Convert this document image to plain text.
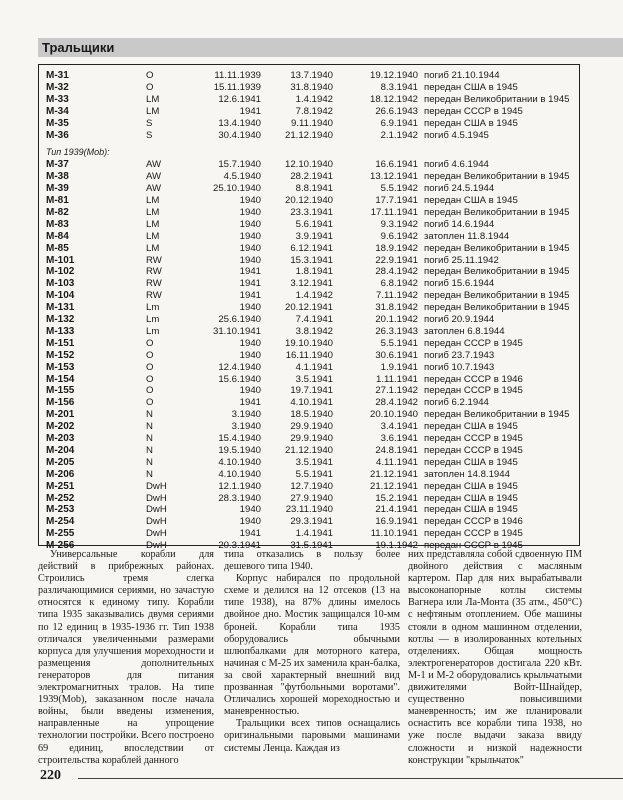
Тральщики
М-31	O	11.11.1939	13.7.1940	19.12.1940 погиб 21.10.1944
М-32	O	15.11.1939	31.8.1940	8.3.1941 передан США в 1945
М-33	LM	12.6.1941	1.4.1942	18.12.1942 передан Великобритании в 1945
М-34	LM	1941	7.8.1942	26.6.1943 передан СССР в 1945
М-35	S	13.4.1940	9.11.1940	6.9.1941 передан США в 1945
М-36	S	30.4.1940 21.12.1940	2.1.1942 погиб 4.5.1945
Тип 1939(Mob):
М-37	AW	15.7.1940 12.10.1940	16.6.1941 погиб 4.6.1944
М-38	AW	4.5.1940	28.2.1941	13.12.1941 передан Великобритании в 1945
М-39	AW	25.10.1940	8.8.1941	5.5.1942 погиб 24.5.1944
М-81	LM	1940 20.12.1940	17.7.1941 передан США в 1945
М-82	LM	1940	23.3.1941	17.11.1941 передан Великобритании в 1945
М-83	LM	1940	5.6.1941	9.3.1942 погиб 14.6.1944
М-84	LM	1940	3.9.1941	9.6.1942 затоплен 11.8.1944
М-85	LM	1940	6.12.1941	18.9.1942 передан Великобритании в 1945
М-101	RW	1940	15.3.1941	22.9.1941 погиб 25.11.1942
М-102	RW	1941	1.8.1941	28.4.1942 передан Великобритании в 1945
М-103	RW	1941	3.12.1941	6.8.1942 погиб 15.6.1944
М-104	RW	1941	1.4.1942	7.11.1942 передан Великобритании в 1945
М-131	Lm	1940 20.12.1941	31.8.1942 передан Великобритании в 1945
М-132	Lm	25.6.1940	7.4.1941	20.1.1942 погиб 20.9.1944
М-133	Lm	31.10.1941	3.8.1942	26.3.1943 затоплен 6.8.1944
М-151	O	1940 19.10.1940	5.5.1941 передан СССР в 1945
М-152	O	1940	16.11.1940	30.6.1941 погиб 23.7.1943
М-153	O	12.4.1940	4.1.1941	1.9.1941 погиб 10.7.1943
М-154	O	15.6.1940	3.5.1941	1.11.1941 передан СССР в 1946
М-155	O	1940	19.7.1941	27.1.1942 передан СССР в 1945
М-156	O	1941	4.10.1941	28.4.1942 погиб 6.2.1944
М-201	N	3.1940	18.5.1940	20.10.1940 передан Великобритании в 1945
М-202	N	3.1940	29.9.1940	3.4.1941 передан США в 1945
М-203	N	15.4.1940	29.9.1940	3.6.1941 передан СССР в 1945
М-204	N	19.5.1940 21.12.1940	24.8.1941 передан СССР в 1945
М-205	N	4.10.1940	3.5.1941	4.11.1941 передан США в 1945
М-206	N	4.10.1940	5.5.1941	21.12.1941 затоплен 14.8.1944
М-251	DwH	12.1.1940	12.7.1940	21.12.1941 передан США в 1945
М-252	DwH	28.3.1940	27.9.1940	15.2.1941 передан США в 1945
М-253	DwH	1940	23.11.1940	21.4.1941 передан США в 1945
М-254	DwH	1940	29.3.1941	16.9.1941 передан СССР в 1946
М-255	DwH	1941	1.4.1941	11.10.1941 передан СССР в 1945
М-256	DwH	20.3.1941	31.5.1941	19.1.1942 передан СССР в 1945

Универсальные корабли для действий в прибрежных районах. Строились тремя слегка различающимися сериями, но зачастую относятся к единому типу. Корабли типа 1935 заказывались двумя сериями по 12 единиц в 1935-1936 гг. Тип 1938 отличался увеличенными размерами корпуса для улучшения мореходности и размещения дополнительных генераторов для питания электромагнитных тралов. На типе 1939(Mob), заказанном после начала войны, были введены изменения, направленные на упрощение технологии постройки. Всего построено 69 единиц, впоследствии от строительства кораблей данного

типа отказались в пользу более дешевого типа 1940.

Корпус набирался по продольной схеме и делился на 12 отсеков (13 на типе 1938), на 87% длины имелось двойное дно. Мостик защищался 10-мм броней. Корабли типа 1935 оборудовались обычными шлюпбалками для моторного катера, начиная с М-25 их заменила кран-балка, за свой характерный внешний вид прозванная "футбольными воротами". Отличались хорошей мореходностью и маневренностью.

Тральщики всех типов оснащались оригинальными паровыми машинами системы Ленца. Каждая из

них представляла собой сдвоенную ПМ двойного действия с масляным картером. Пар для них вырабатывали высоконапорные котлы системы Вагнера или Ла-Монта (35 атм., 450°С) с нефтяным отоплением. Обе машины стояли в одном машинном отделении, котлы — в изолированных котельных отделениях. Общая мощность электрогенераторов достигала 220 кВт. М-1 и М-2 оборудовались крыльчатыми движителями Войт-Шнайдер, существенно повысившими маневренность; им же планировали оснастить все корабли типа 1938, но уже после выдачи заказа ввиду сложности и низкой надежности конструкции "крыльчаток"

220
